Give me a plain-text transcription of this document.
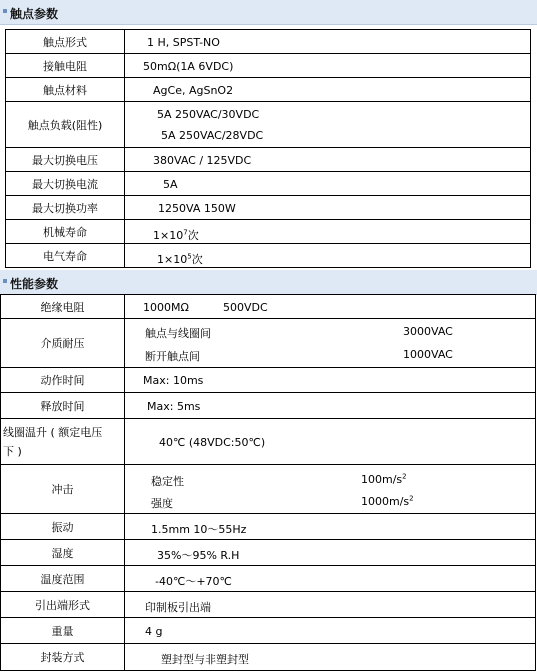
触点参数
触点形式	1 H, SPST-NO
接触电阻	50mΩ(1A 6VDC)
触点材料	AgCe, AgSnO2
触点负载(阻性)
5A 250VAC/30VDC
5A 250VAC/28VDC
最大切换电压	380VAC / 125VDC
最大切换电流	5A
最大切换功率	1250VA 150W
机械寿命	$1\times 10^7$次
电气寿命	$1\times 10^5$次
性能参数
绝缘电阻	1000MΩ	500VDC
介质耐压
触点与线圈间	3000VAC
断开触点间	1000VAC
动作时间	Max: 10ms
释放时间	Max: 5ms
线圈温升 ( 额定电压
下 )
40℃ (48VDC:50℃)
冲击
稳定性	$100m/s^2$
强度	$1000m/s^2$
振动	1.5mm 10～55Hz
湿度	35%～95% R.H
温度范围	-40℃～+70℃
引出端形式	印制板引出端
重量	4 g
封装方式	塑封型与非塑封型
